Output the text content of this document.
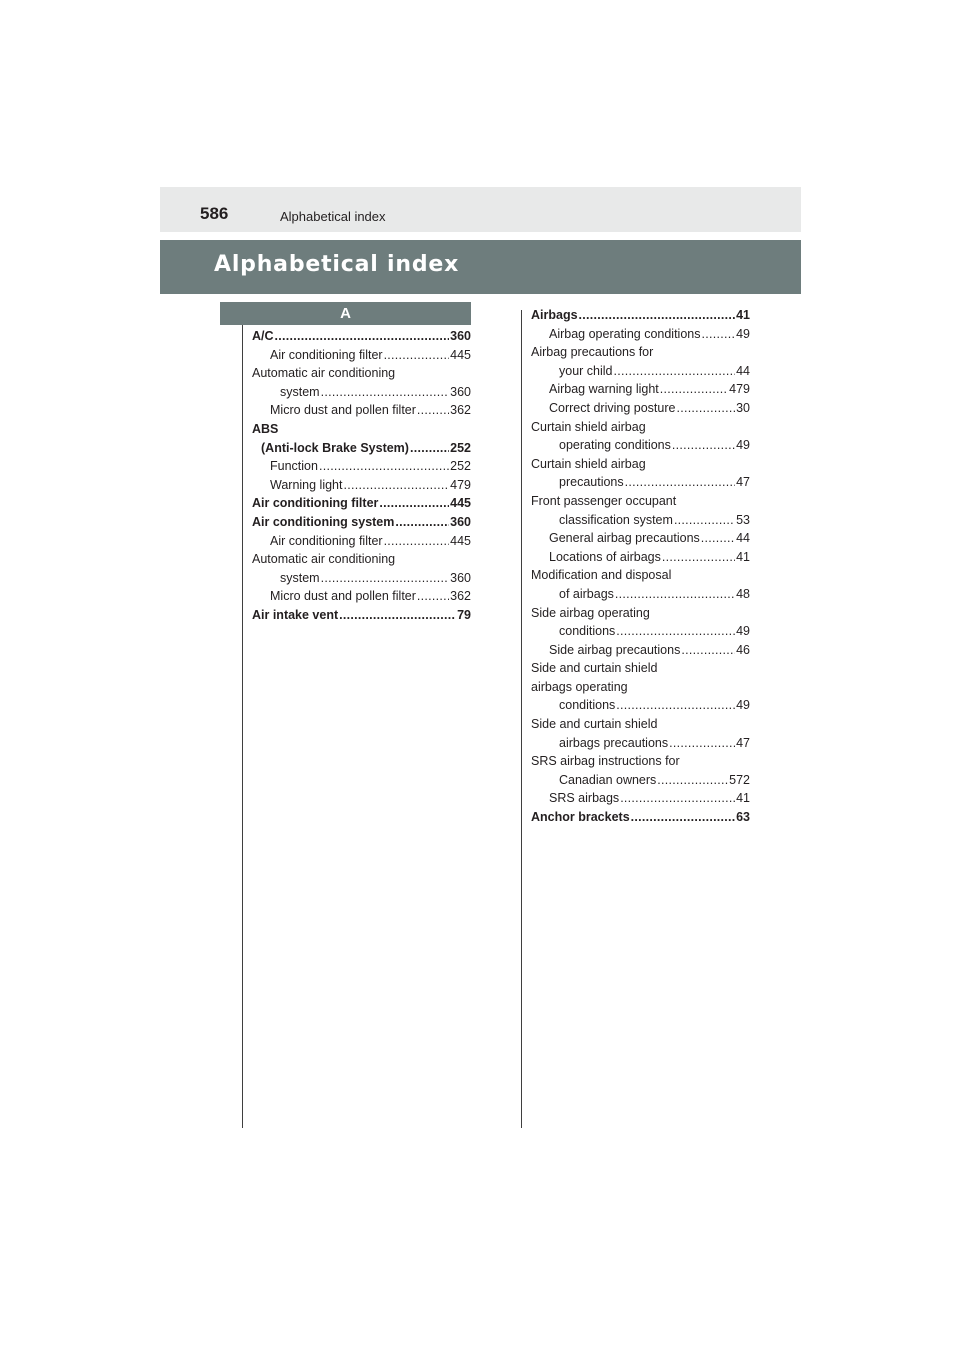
586	Alphabetical index
Alphabetical index
A
A/C . . .	360
Air conditioning filter . . .	445
Automatic air conditioning
system . . .	360
Micro dust and pollen filter . . .	362
ABS
(Anti-lock Brake System) . . .	252
Function . . .	252
Warning light . . .	479
Air conditioning filter . . .	445
Air conditioning system . . .	360
Air conditioning filter . . .	445
Automatic air conditioning
system . . .	360
Micro dust and pollen filter . . .	362
Air intake vent . . .	79
Airbags . . .	41
Airbag operating conditions . . .	49
Airbag precautions for
your child . . .	44
Airbag warning light . . .	479
Correct driving posture . . .	30
Curtain shield airbag
operating conditions . . .	49
Curtain shield airbag
precautions . . .	47
Front passenger occupant
classification system . . .	53
General airbag precautions . . .	44
Locations of airbags . . .	41
Modification and disposal
of airbags . . .	48
Side airbag operating
conditions . . .	49
Side airbag precautions . . .	46
Side and curtain shield
airbags operating
conditions . . .	49
Side and curtain shield
airbags precautions . . .	47
SRS airbag instructions for
Canadian owners . . .	572
SRS airbags . . .	41
Anchor brackets . . .	63
